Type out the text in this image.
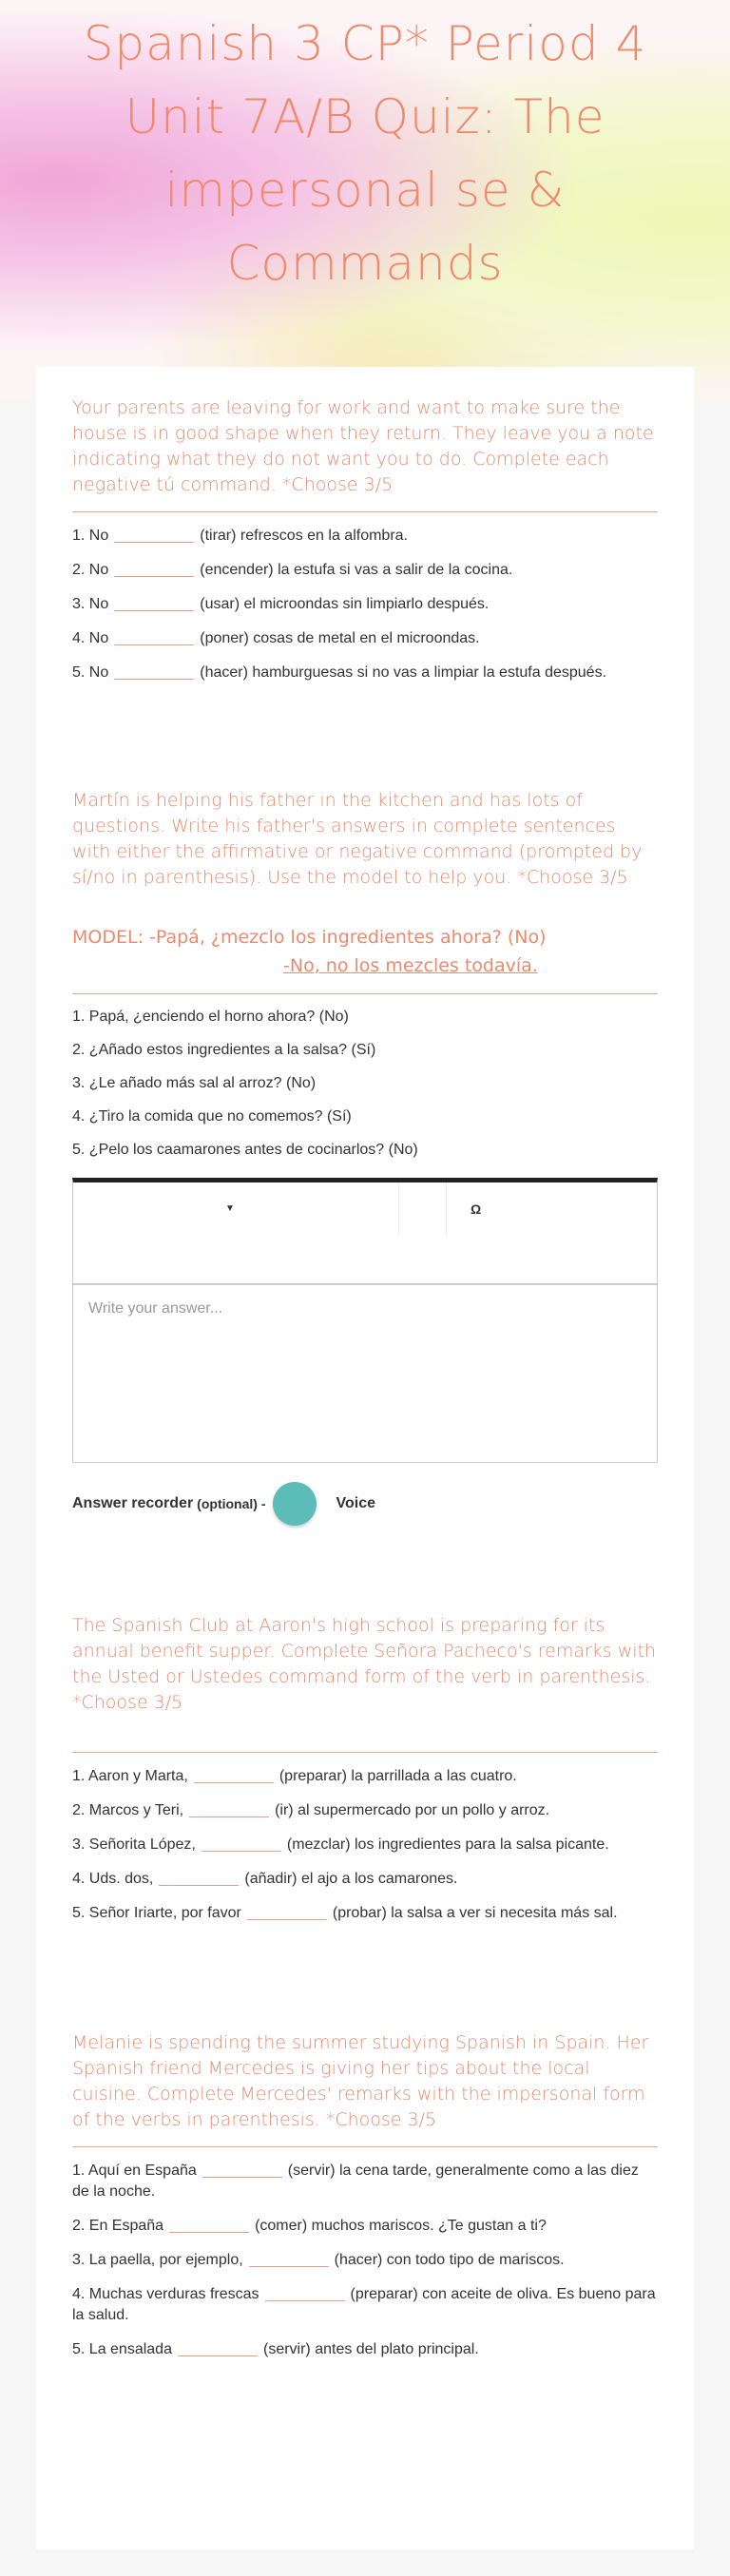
Spanish 3 CP* Period 4 Unit 7A/B Quiz: The impersonal se & Commands
Your parents are leaving for work and want to make sure the house is in good shape when they return. They leave you a note indicating what they do not want you to do. Complete each negative tú command. *Choose 3/5
1. No	(tirar) refrescos en la alfombra.
2. No	(encender) la estufa si vas a salir de la cocina.
3. No	(usar) el microondas sin limpiarlo después.
4. No	(poner) cosas de metal en el microondas.
5. No	(hacer) hamburguesas si no vas a limpiar la estufa después.
Martín is helping his father in the kitchen and has lots of questions. Write his father's answers in complete sentences with either the affirmative or negative command (prompted by sí/no in parenthesis). Use the model to help you. *Choose 3/5
MODEL: -Papá, ¿mezclo los ingredientes ahora? (No)
-No, no los mezcles todavía.
1. Papá, ¿enciendo el horno ahora? (No)
2. ¿Añado estos ingredientes a la salsa? (Sí)
3. ¿Le añado más sal al arroz? (No)
4. ¿Tiro la comida que no comemos? (Sí)
5. ¿Pelo los caamarones antes de cocinarlos? (No)
▼	Ω
Write your answer...
Answer recorder (optional) -	Voice
The Spanish Club at Aaron's high school is preparing for its annual benefit supper. Complete Señora Pacheco's remarks with the Usted or Ustedes command form of the verb in parenthesis. *Choose 3/5
1. Aaron y Marta,	(preparar) la parrillada a las cuatro.
2. Marcos y Teri,	(ir) al supermercado por un pollo y arroz.
3. Señorita López,	(mezclar) los ingredientes para la salsa picante.
4. Uds. dos,	(añadir) el ajo a los camarones.
5. Señor Iriarte, por favor	(probar) la salsa a ver si necesita más sal.
Melanie is spending the summer studying Spanish in Spain. Her Spanish friend Mercedes is giving her tips about the local cuisine. Complete Mercedes' remarks with the impersonal form of the verbs in parenthesis. *Choose 3/5
1. Aquí en España	(servir) la cena tarde, generalmente como a las diez de la noche.
2. En España	(comer) muchos mariscos. ¿Te gustan a ti?
3. La paella, por ejemplo,	(hacer) con todo tipo de mariscos.
4. Muchas verduras frescas	(preparar) con aceite de oliva. Es bueno para la salud.
5. La ensalada	(servir) antes del plato principal.
